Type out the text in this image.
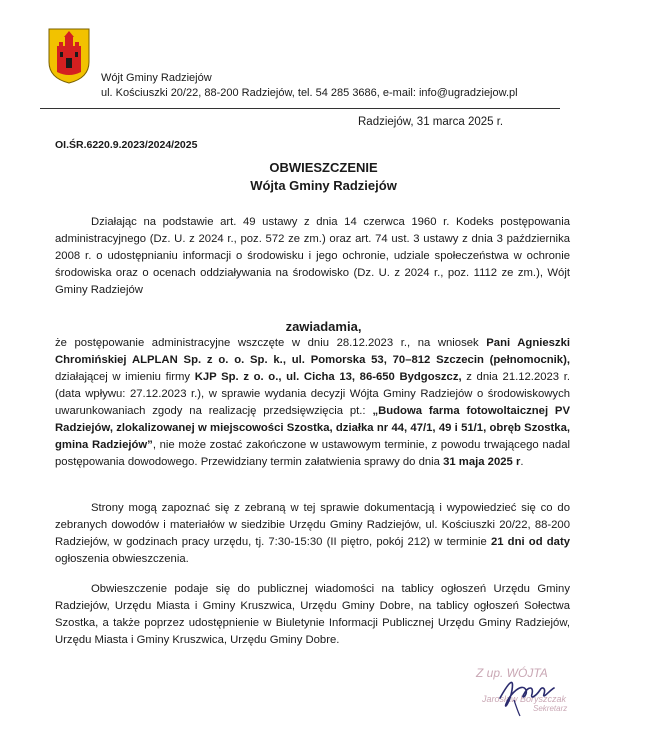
Wójt Gminy Radziejów
ul. Kościuszki 20/22, 88-200 Radziejów, tel. 54 285 3686, e-mail: info@ugradziejow.pl
Radziejów, 31 marca 2025 r.
OI.ŚR.6220.9.2023/2024/2025
OBWIESZCZENIE
Wójta Gminy Radziejów

Działając na podstawie art. 49 ustawy z dnia 14 czerwca 1960 r. Kodeks postępowania administracyjnego (Dz. U. z 2024 r., poz. 572 ze zm.) oraz art. 74 ust. 3 ustawy z dnia 3 października 2008 r. o udostępnianiu informacji o środowisku i jego ochronie, udziale społeczeństwa w ochronie środowiska oraz o ocenach oddziaływania na środowisko (Dz. U. z 2024 r., poz. 1112 ze zm.), Wójt Gminy Radziejów

zawiadamia,

że postępowanie administracyjne wszczęte w dniu 28.12.2023 r., na wniosek Pani Agnieszki Chromińskiej ALPLAN Sp. z o. o. Sp. k., ul. Pomorska 53, 70–812 Szczecin (pełnomocnik), działającej w imieniu firmy KJP Sp. z o. o., ul. Cicha 13, 86-650 Bydgoszcz, z dnia 21.12.2023 r. (data wpływu: 27.12.2023 r.), w sprawie wydania decyzji Wójta Gminy Radziejów o środowiskowych uwarunkowaniach zgody na realizację przedsięwzięcia pt.: „Budowa farma fotowoltaicznej PV Radziejów, zlokalizowanej w miejscowości Szostka, działka nr 44, 47/1, 49 i 51/1, obręb Szostka, gmina Radziejów”, nie może zostać zakończone w ustawowym terminie, z powodu trwającego nadal postępowania dowodowego. Przewidziany termin załatwienia sprawy do dnia 31 maja 2025 r.

Strony mogą zapoznać się z zebraną w tej sprawie dokumentacją i wypowiedzieć się co do zebranych dowodów i materiałów w siedzibie Urzędu Gminy Radziejów, ul. Kościuszki 20/22, 88-200 Radziejów, w godzinach pracy urzędu, tj. 7:30-15:30 (II piętro, pokój 212) w terminie 21 dni od daty ogłoszenia obwieszczenia.

Obwieszczenie podaje się do publicznej wiadomości na tablicy ogłoszeń Urzędu Gminy Radziejów, Urzędu Miasta i Gminy Kruszwica, Urzędu Gminy Dobre, na tablicy ogłoszeń Sołectwa Szostka, a także poprzez udostępnienie w Biuletynie Informacji Publicznej Urzędu Gminy Radziejów, Urzędu Miasta i Gminy Kruszwica, Urzędu Gminy Dobre.

Z up. WÓJTA
Jarosław Boryszczak
Sekretarz
